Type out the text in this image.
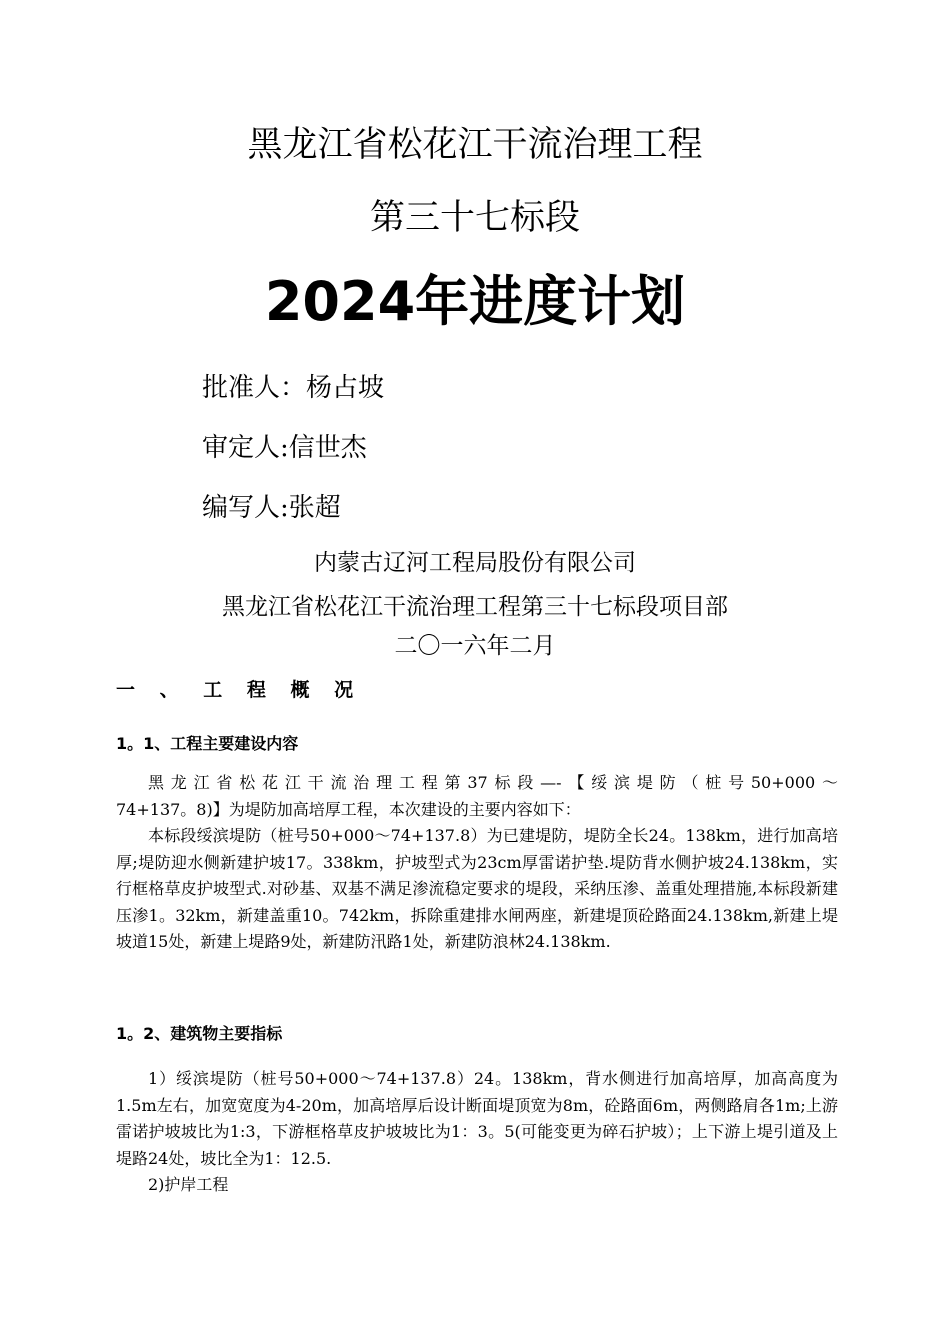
黑龙江省松花江干流治理工程
第三十七标段
2024年进度计划
批准人：杨占坡
审定人:信世杰
编写人:张超
内蒙古辽河工程局股份有限公司
黑龙江省松花江干流治理工程第三十七标段项目部
二〇一六年二月
一 、 工 程 概 况
1。1、工程主要建设内容

黑龙江省松花江干流治理工程第37标段—-【绥滨堤防（桩号50+000～

74+137。8)】为堤防加高培厚工程，本次建设的主要内容如下：

本标段绥滨堤防（桩号50+000～74+137.8）为已建堤防，堤防全长24。138km，进行加高培厚;堤防迎水侧新建护坡17。338km，护坡型式为23cm厚雷诺护垫.堤防背水侧护坡24.138km，实行框格草皮护坡型式.对砂基、双基不满足渗流稳定要求的堤段，采纳压渗、盖重处理措施,本标段新建压渗1。32km，新建盖重10。742km，拆除重建排水闸两座，新建堤顶砼路面24.138km,新建上堤坡道15处，新建上堤路9处，新建防汛路1处，新建防浪林24.138km.

1。2、建筑物主要指标

1）绥滨堤防（桩号50+000～74+137.8）24。138km，背水侧进行加高培厚，加高高度为1.5m左右，加宽宽度为4-20m，加高培厚后设计断面堤顶宽为8m，砼路面6m，两侧路肩各1m;上游雷诺护坡坡比为1:3，下游框格草皮护坡坡比为1：3。5(可能变更为碎石护坡）；上下游上堤引道及上堤路24处，坡比全为1：12.5.

2)护岸工程
